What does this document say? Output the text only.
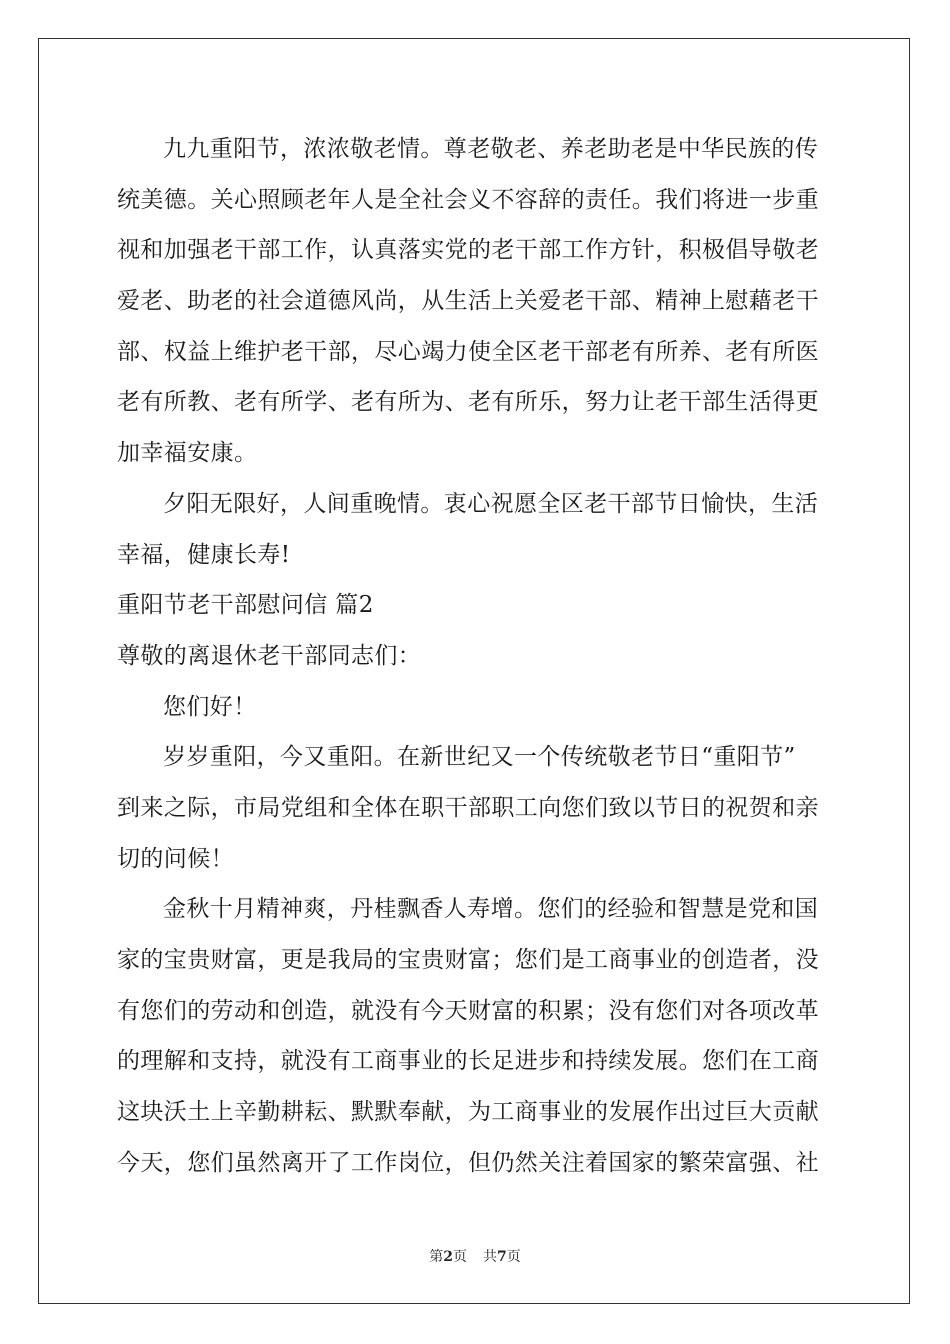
九九重阳节，浓浓敬老情。尊老敬老、养老助老是中华民族的传
统美德。关心照顾老年人是全社会义不容辞的责任。我们将进一步重
视和加强老干部工作，认真落实党的老干部工作方针，积极倡导敬老
爱老、助老的社会道德风尚，从生活上关爱老干部、精神上慰藉老干
部、权益上维护老干部，尽心竭力使全区老干部老有所养、老有所医
老有所教、老有所学、老有所为、老有所乐，努力让老干部生活得更
加幸福安康。
夕阳无限好，人间重晚情。衷心祝愿全区老干部节日愉快，生活
幸福，健康长寿!
重阳节老干部慰问信 篇2
尊敬的离退休老干部同志们：
您们好！
岁岁重阳，今又重阳。在新世纪又一个传统敬老节日“重阳节”
到来之际，市局党组和全体在职干部职工向您们致以节日的祝贺和亲
切的问候！
金秋十月精神爽，丹桂飘香人寿增。您们的经验和智慧是党和国
家的宝贵财富，更是我局的宝贵财富；您们是工商事业的创造者，没
有您们的劳动和创造，就没有今天财富的积累；没有您们对各项改革
的理解和支持，就没有工商事业的长足进步和持续发展。您们在工商
这块沃土上辛勤耕耘、默默奉献，为工商事业的发展作出过巨大贡献
今天，您们虽然离开了工作岗位，但仍然关注着国家的繁荣富强、社
第2页 共7页
